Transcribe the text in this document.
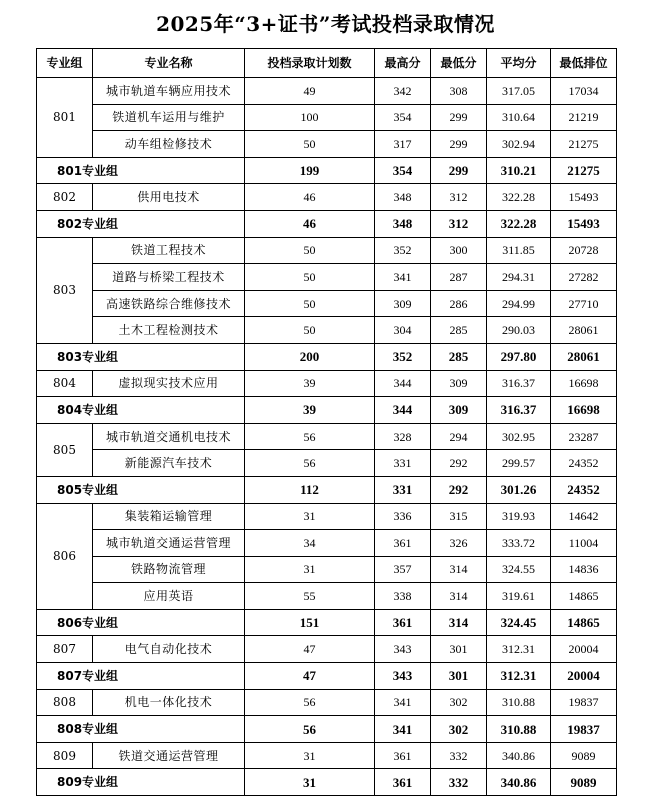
2025年“3+证书”考试投档录取情况
专业组	专业名称	投档录取计划数	最高分	最低分	平均分	最低排位
801	城市轨道车辆应用技术	49	342	308	317.05	17034
	铁道机车运用与维护	100	354	299	310.64	21219
	动车组检修技术	50	317	299	302.94	21275
801专业组		199	354	299	310.21	21275
802	供用电技术	46	348	312	322.28	15493
802专业组		46	348	312	322.28	15493
803	铁道工程技术	50	352	300	311.85	20728
	道路与桥梁工程技术	50	341	287	294.31	27282
	高速铁路综合维修技术	50	309	286	294.99	27710
	土木工程检测技术	50	304	285	290.03	28061
803专业组		200	352	285	297.80	28061
804	虚拟现实技术应用	39	344	309	316.37	16698
804专业组		39	344	309	316.37	16698
805	城市轨道交通机电技术	56	328	294	302.95	23287
	新能源汽车技术	56	331	292	299.57	24352
805专业组		112	331	292	301.26	24352
806	集装箱运输管理	31	336	315	319.93	14642
	城市轨道交通运营管理	34	361	326	333.72	11004
	铁路物流管理	31	357	314	324.55	14836
	应用英语	55	338	314	319.61	14865
806专业组		151	361	314	324.45	14865
807	电气自动化技术	47	343	301	312.31	20004
807专业组		47	343	301	312.31	20004
808	机电一体化技术	56	341	302	310.88	19837
808专业组		56	341	302	310.88	19837
809	铁道交通运营管理	31	361	332	340.86	9089
809专业组		31	361	332	340.86	9089
